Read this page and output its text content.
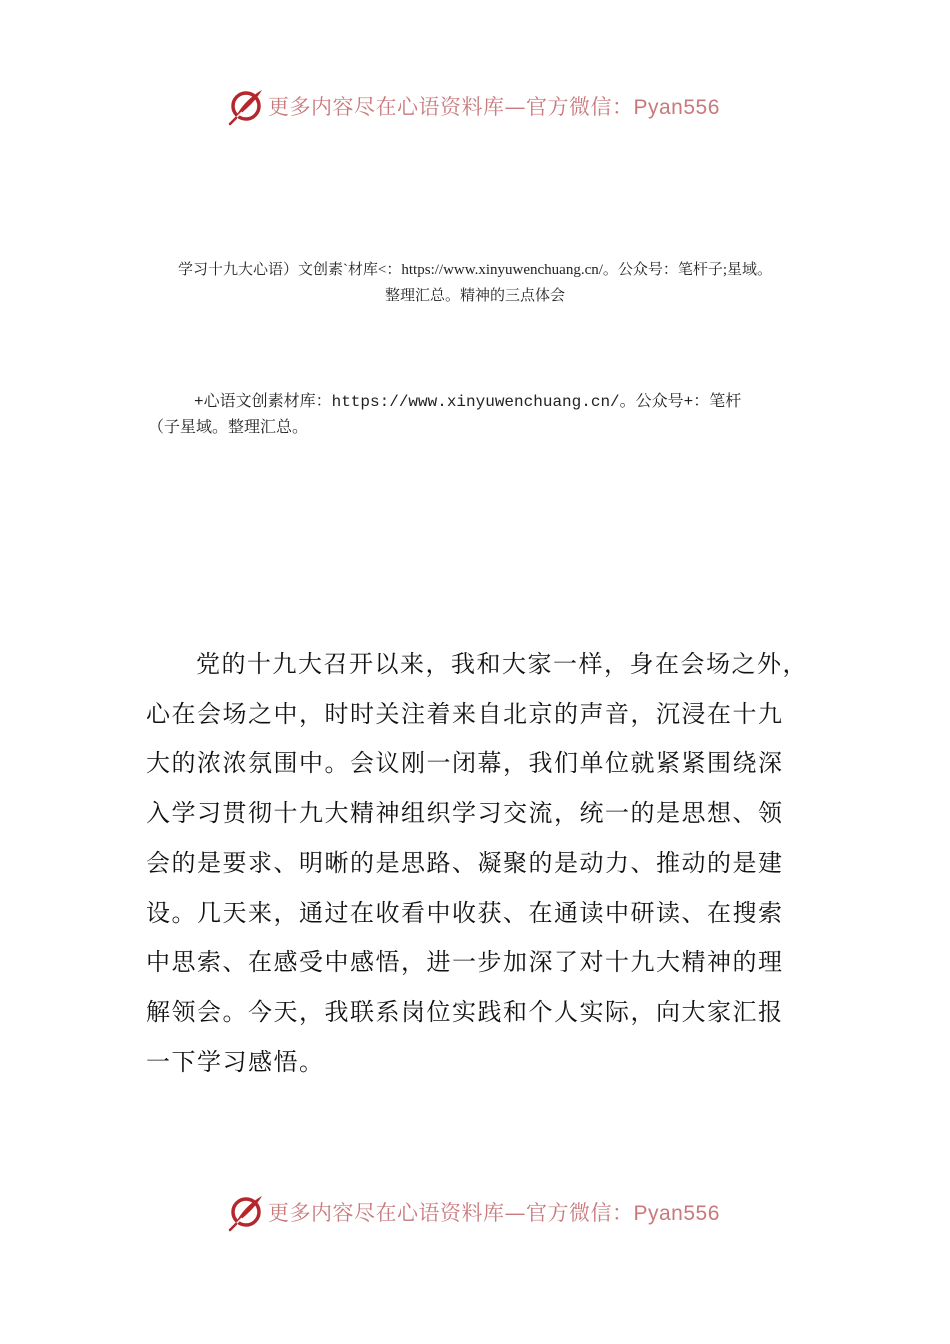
更多内容尽在心语资料库—官方微信：Pyan556
学习十九大心语）文创素`材库<：https://www.xinyuwenchuang.cn/。公众号：笔杆子;星域。
整理汇总。精神的三点体会
+心语文创素材库：https://www.xinyuwenchuang.cn/。公众号+：笔杆
（子星域。整理汇总。
党的十九大召开以来，我和大家一样，身在会场之外，
心在会场之中，时时关注着来自北京的声音，沉浸在十九
大的浓浓氛围中。会议刚一闭幕，我们单位就紧紧围绕深
入学习贯彻十九大精神组织学习交流，统一的是思想、领
会的是要求、明晰的是思路、凝聚的是动力、推动的是建
设。几天来，通过在收看中收获、在通读中研读、在搜索
中思索、在感受中感悟，进一步加深了对十九大精神的理
解领会。今天，我联系岗位实践和个人实际，向大家汇报
一下学习感悟。
更多内容尽在心语资料库—官方微信：Pyan556
